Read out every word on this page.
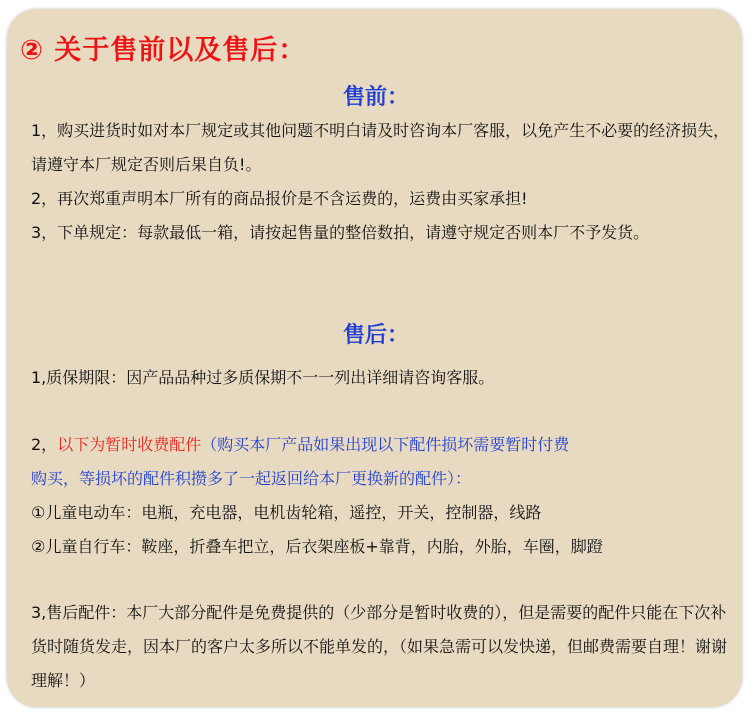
② 关于售前以及售后：
售前：
1，购买进货时如对本厂规定或其他问题不明白请及时咨询本厂客服，以免产生不必要的经济损失，请遵守本厂规定否则后果自负!。
2，再次郑重声明本厂所有的商品报价是不含运费的，运费由买家承担!
3，下单规定：每款最低一箱，请按起售量的整倍数拍，请遵守规定否则本厂不予发货。
售后：
1,质保期限：因产品品种过多质保期不一一列出详细请咨询客服。
2，以下为暂时收费配件（购买本厂产品如果出现以下配件损坏需要暂时付费
购买，等损坏的配件积攒多了一起返回给本厂更换新的配件）：
①儿童电动车：电瓶，充电器，电机齿轮箱，遥控，开关，控制器，线路
②儿童自行车：鞍座，折叠车把立，后衣架座板+靠背，内胎，外胎，车圈，脚蹬
3,售后配件：本厂大部分配件是免费提供的（少部分是暂时收费的），但是需要的配件只能在下次补货时随货发走，因本厂的客户太多所以不能单发的，（如果急需可以发快递，但邮费需要自理！谢谢理解！）
